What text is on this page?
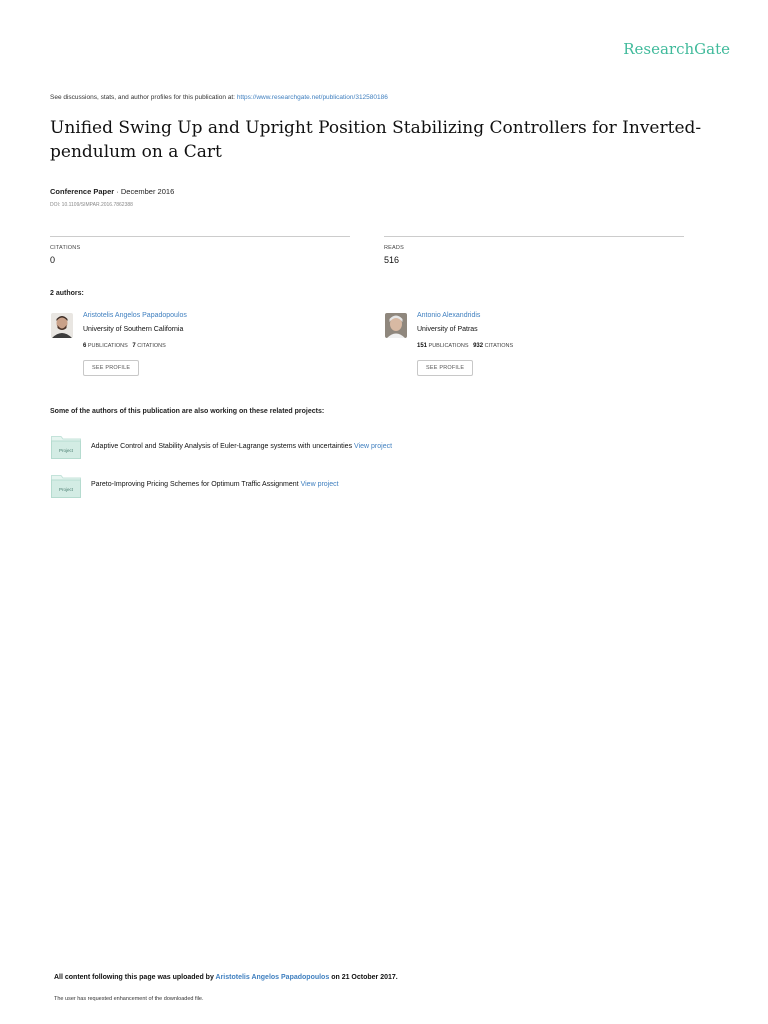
ResearchGate
See discussions, stats, and author profiles for this publication at: https://www.researchgate.net/publication/312580186
Unified Swing Up and Upright Position Stabilizing Controllers for Inverted-pendulum on a Cart
Conference Paper · December 2016
DOI: 10.1109/SIMPAR.2016.7862388
CITATIONS
0
READS
516
2 authors:
Aristotelis Angelos Papadopoulos
University of Southern California
6 PUBLICATIONS 7 CITATIONS
SEE PROFILE
Antonio Alexandridis
University of Patras
151 PUBLICATIONS 932 CITATIONS
SEE PROFILE
Some of the authors of this publication are also working on these related projects:
Project
Adaptive Control and Stability Analysis of Euler-Lagrange systems with uncertainties View project
Project
Pareto-Improving Pricing Schemes for Optimum Traffic Assignment View project
All content following this page was uploaded by Aristotelis Angelos Papadopoulos on 21 October 2017.
The user has requested enhancement of the downloaded file.
